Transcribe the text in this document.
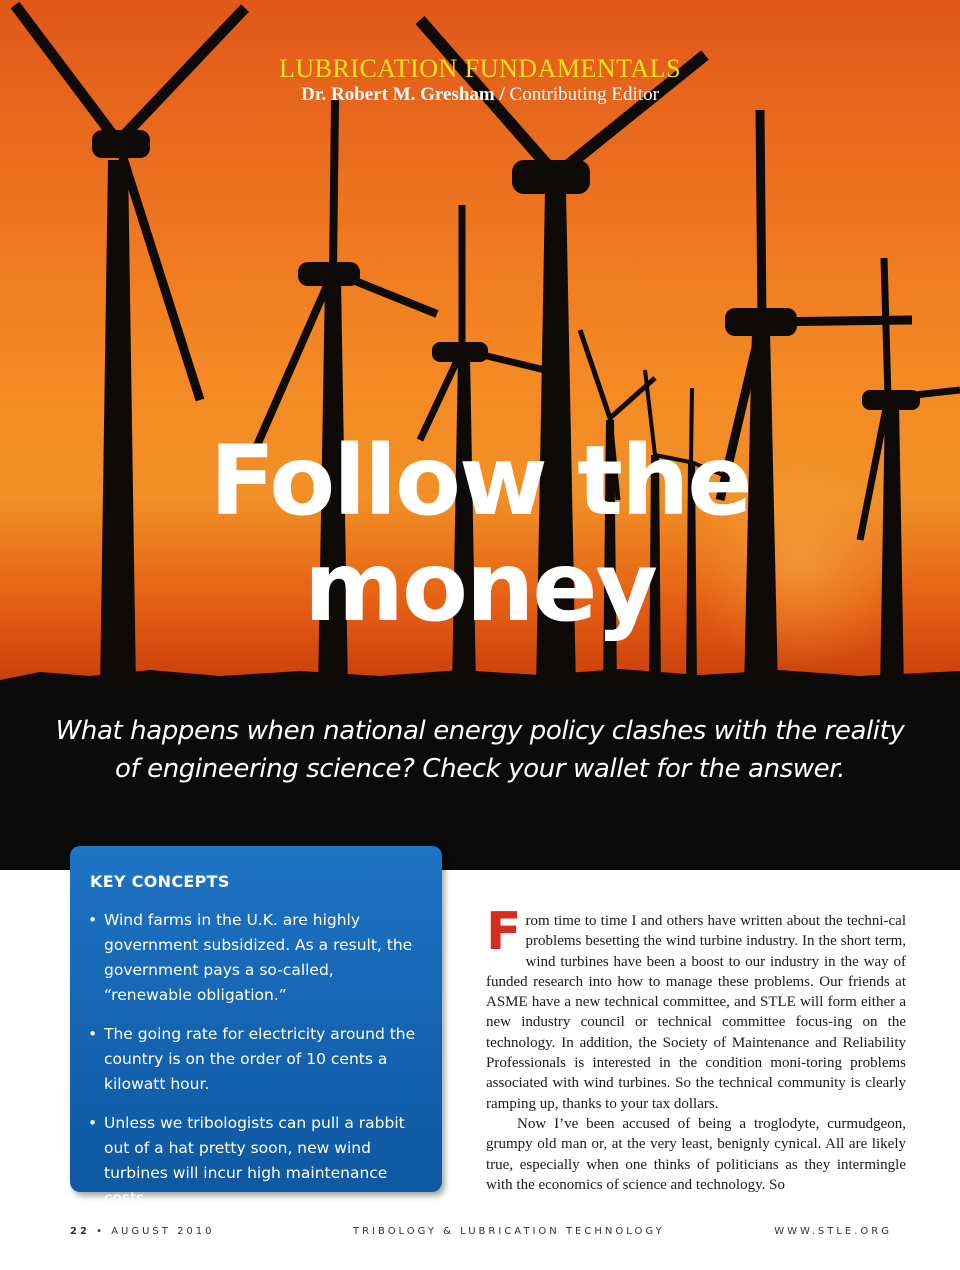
LUBRICATION FUNDAMENTALS
Dr. Robert M. Gresham / Contributing Editor
Follow the
money
What happens when national energy policy clashes with the reality
of engineering science? Check your wallet for the answer.
KEY CONCEPTS
• Wind farms in the U.K. are highly government subsidized. As a result, the government pays a so-called, “renewable obligation.”
• The going rate for electricity around the country is on the order of 10 cents a kilowatt hour.
• Unless we tribologists can pull a rabbit out of a hat pretty soon, new wind turbines will incur high maintenance costs.

From time to time I and others have written about the techni-cal problems besetting the wind turbine industry. In the short term, wind turbines have been a boost to our industry in the way of funded research into how to manage these problems. Our friends at ASME have a new technical committee, and STLE will form either a new industry council or technical committee focus-ing on the technology. In addition, the Society of Maintenance and Reliability Professionals is interested in the condition moni-toring problems associated with wind turbines. So the technical community is clearly ramping up, thanks to your tax dollars.

Now I’ve been accused of being a troglodyte, curmudgeon, grumpy old man or, at the very least, benignly cynical. All are likely true, especially when one thinks of politicians as they intermingle with the economics of science and technology. So

22 • AUGUST 2010	TRIBOLOGY & LUBRICATION TECHNOLOGY	WWW.STLE.ORG
